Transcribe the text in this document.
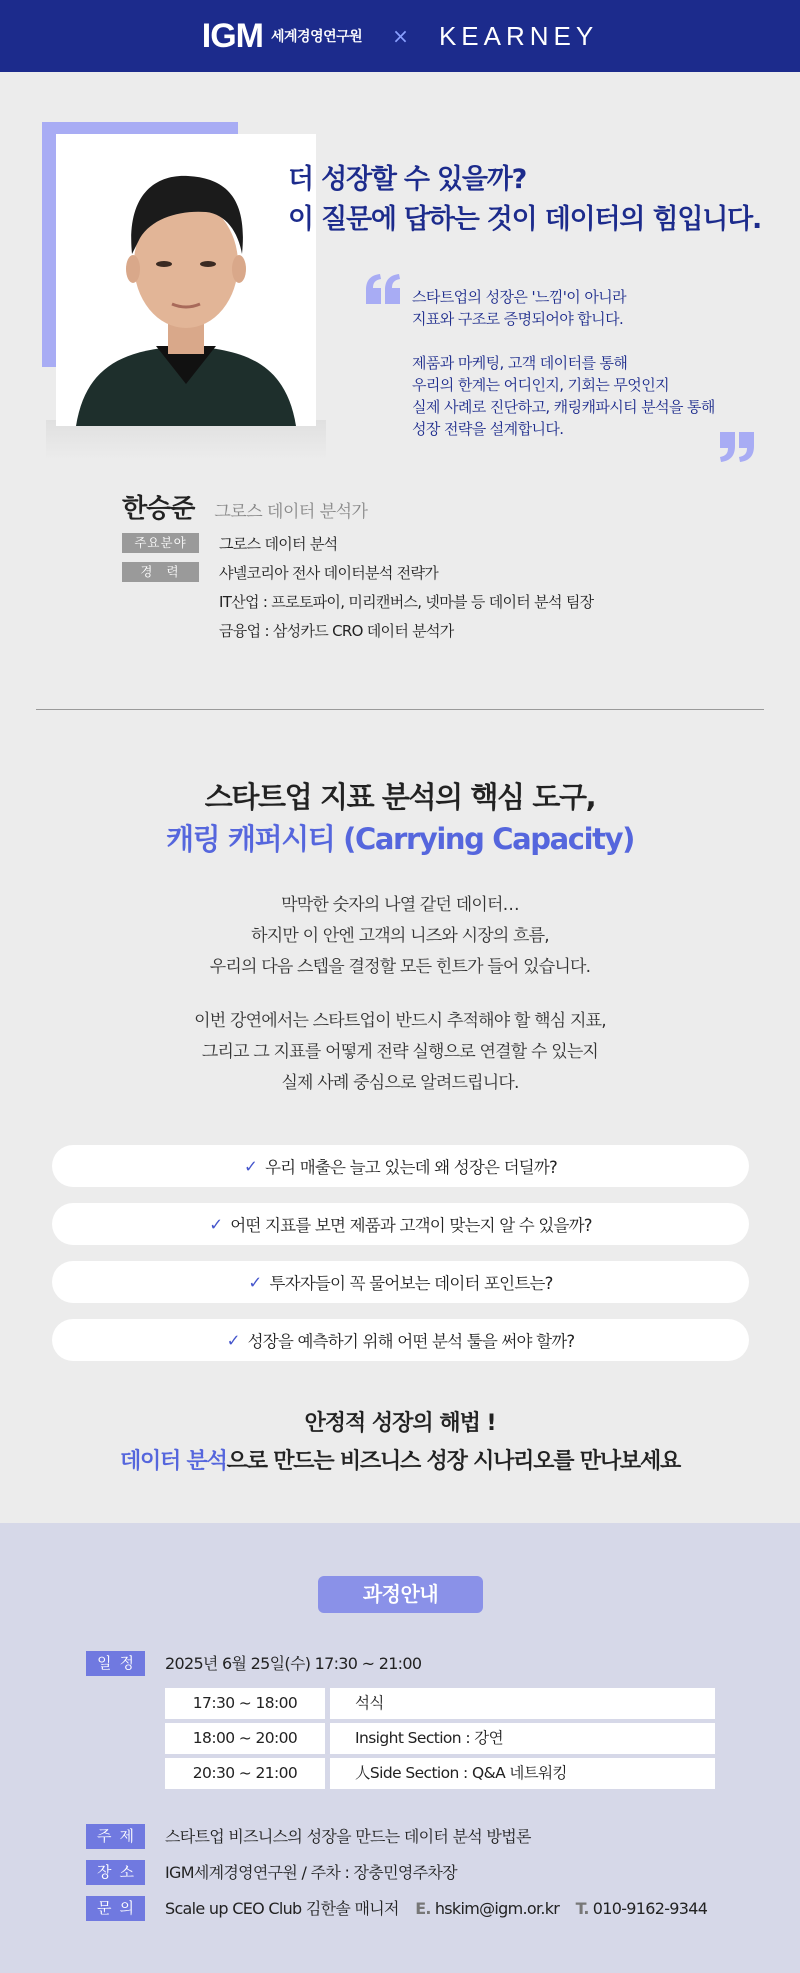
IGM 세계경영연구원 × KEARNEY
더 성장할 수 있을까?
이 질문에 답하는 것이 데이터의 힘입니다.

스타트업의 성장은 '느낌'이 아니라
지표와 구조로 증명되어야 합니다.

제품과 마케팅, 고객 데이터를 통해
우리의 한계는 어디인지, 기회는 무엇인지
실제 사례로 진단하고, 캐링캐파시티 분석을 통해
성장 전략을 설계합니다.

한승준 그로스 데이터 분석가
주요분야	그로스 데이터 분석
경력	샤넬코리아 전사 데이터분석 전략가
IT산업 : 프로토파이, 미리캔버스, 넷마블 등 데이터 분석 팀장
금융업 : 삼성카드 CRO 데이터 분석가
스타트업 지표 분석의 핵심 도구,
캐링 캐퍼시티 (Carrying Capacity)
막막한 숫자의 나열 같던 데이터…
하지만 이 안엔 고객의 니즈와 시장의 흐름,
우리의 다음 스텝을 결정할 모든 힌트가 들어 있습니다.
이번 강연에서는 스타트업이 반드시 추적해야 할 핵심 지표,
그리고 그 지표를 어떻게 전략 실행으로 연결할 수 있는지
실제 사례 중심으로 알려드립니다.
✓ 우리 매출은 늘고 있는데 왜 성장은 더딜까?
✓ 어떤 지표를 보면 제품과 고객이 맞는지 알 수 있을까?
✓ 투자자들이 꼭 물어보는 데이터 포인트는?
✓ 성장을 예측하기 위해 어떤 분석 툴을 써야 할까?
안정적 성장의 해법 !
데이터 분석으로 만드는 비즈니스 성장 시나리오를 만나보세요
과정안내
일정 2025년 6월 25일(수) 17:30 ~ 21:00
17:30 ~ 18:00	석식
18:00 ~ 20:00	Insight Section : 강연
20:30 ~ 21:00	人Side Section : Q&A 네트워킹
주제 스타트업 비즈니스의 성장을 만드는 데이터 분석 방법론
장소 IGM세계경영연구원 / 주차 : 장충민영주차장
문의 Scale up CEO Club 김한솔 매니저 E. hskim@igm.or.kr T. 010-9162-9344
